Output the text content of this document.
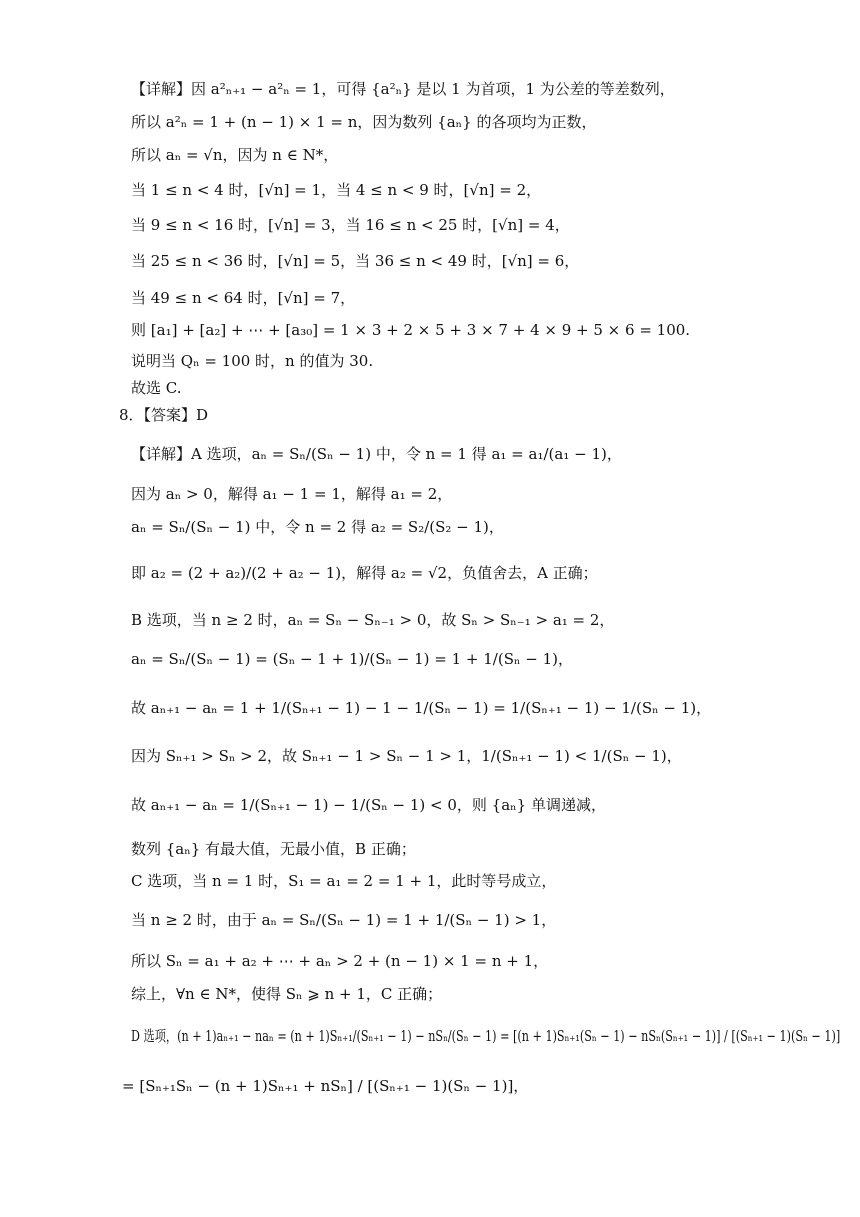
【详解】因 a²ₙ₊₁ − a²ₙ = 1，可得 {a²ₙ} 是以 1 为首项，1 为公差的等差数列，
所以 a²ₙ = 1 + (n − 1) × 1 = n，因为数列 {aₙ} 的各项均为正数，
所以 aₙ = √n，因为 n ∈ N*，
当 1 ≤ n < 4 时，[√n] = 1，当 4 ≤ n < 9 时，[√n] = 2，
当 9 ≤ n < 16 时，[√n] = 3，当 16 ≤ n < 25 时，[√n] = 4，
当 25 ≤ n < 36 时，[√n] = 5，当 36 ≤ n < 49 时，[√n] = 6，
当 49 ≤ n < 64 时，[√n] = 7，
则 [a₁] + [a₂] + ⋯ + [a₃₀] = 1 × 3 + 2 × 5 + 3 × 7 + 4 × 9 + 5 × 6 = 100.
说明当 Qₙ = 100 时，n 的值为 30.
故选 C.
8．【答案】D
【详解】A 选项，aₙ = Sₙ/(Sₙ − 1) 中，令 n = 1 得 a₁ = a₁/(a₁ − 1)，
因为 aₙ > 0，解得 a₁ − 1 = 1，解得 a₁ = 2，
aₙ = Sₙ/(Sₙ − 1) 中，令 n = 2 得 a₂ = S₂/(S₂ − 1)，
即 a₂ = (2 + a₂)/(2 + a₂ − 1)，解得 a₂ = √2，负值舍去，A 正确；
B 选项，当 n ≥ 2 时，aₙ = Sₙ − Sₙ₋₁ > 0，故 Sₙ > Sₙ₋₁ > a₁ = 2，
aₙ = Sₙ/(Sₙ − 1) = (Sₙ − 1 + 1)/(Sₙ − 1) = 1 + 1/(Sₙ − 1)，
故 aₙ₊₁ − aₙ = 1 + 1/(Sₙ₊₁ − 1) − 1 − 1/(Sₙ − 1) = 1/(Sₙ₊₁ − 1) − 1/(Sₙ − 1)，
因为 Sₙ₊₁ > Sₙ > 2，故 Sₙ₊₁ − 1 > Sₙ − 1 > 1，1/(Sₙ₊₁ − 1) < 1/(Sₙ − 1)，
故 aₙ₊₁ − aₙ = 1/(Sₙ₊₁ − 1) − 1/(Sₙ − 1) < 0，则 {aₙ} 单调递减，
数列 {aₙ} 有最大值，无最小值，B 正确；
C 选项，当 n = 1 时，S₁ = a₁ = 2 = 1 + 1，此时等号成立，
当 n ≥ 2 时，由于 aₙ = Sₙ/(Sₙ − 1) = 1 + 1/(Sₙ − 1) > 1，
所以 Sₙ = a₁ + a₂ + ⋯ + aₙ > 2 + (n − 1) × 1 = n + 1，
综上，∀n ∈ N*，使得 Sₙ ⩾ n + 1，C 正确；
D 选项，(n + 1)aₙ₊₁ − naₙ = (n + 1)Sₙ₊₁/(Sₙ₊₁ − 1) − nSₙ/(Sₙ − 1) = [(n + 1)Sₙ₊₁(Sₙ − 1) − nSₙ(Sₙ₊₁ − 1)] / [(Sₙ₊₁ − 1)(Sₙ − 1)]
= [Sₙ₊₁Sₙ − (n + 1)Sₙ₊₁ + nSₙ] / [(Sₙ₊₁ − 1)(Sₙ − 1)]，
